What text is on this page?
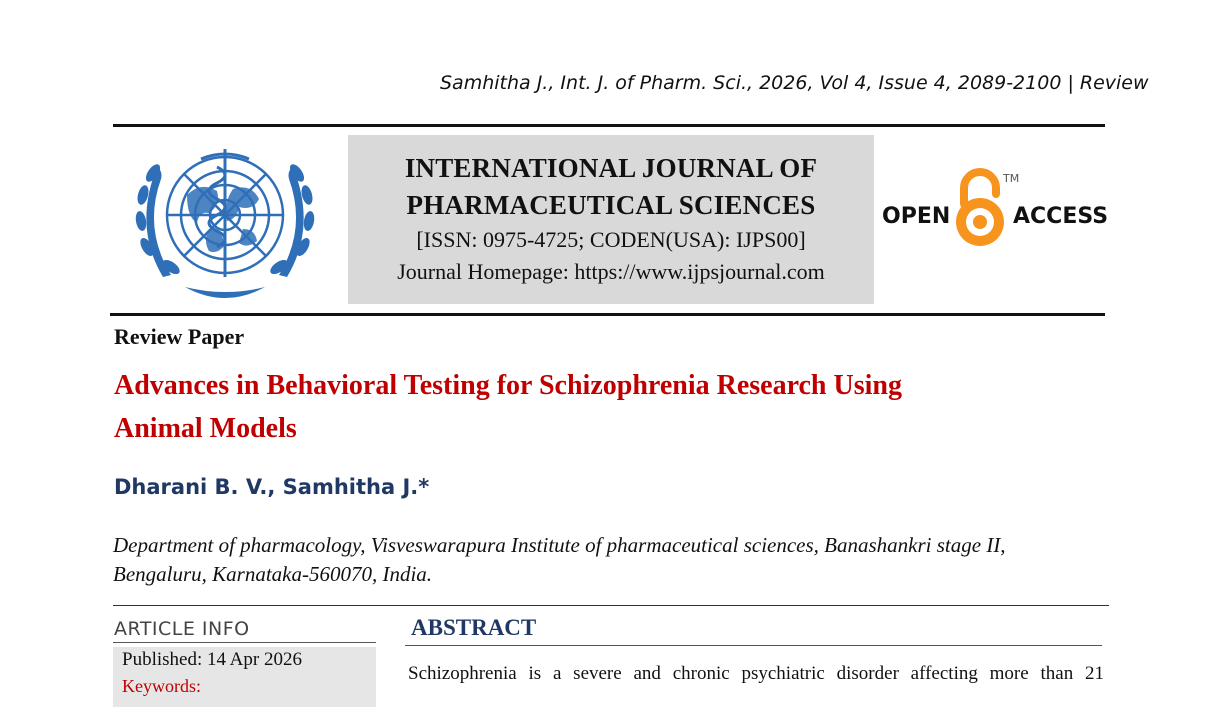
Samhitha J., Int. J. of Pharm. Sci., 2026, Vol 4, Issue 4, 2089-2100 | Review
INTERNATIONAL JOURNAL OF
PHARMACEUTICAL SCIENCES
[ISSN: 0975-4725; CODEN(USA): IJPS00]
Journal Homepage: https://www.ijpsjournal.com
OPEN	ACCESS
TM
Review Paper
Advances in Behavioral Testing for Schizophrenia Research Using
Animal Models
Dharani B. V., Samhitha J.*
Department of pharmacology, Visveswarapura Institute of pharmaceutical sciences, Banashankri stage II,
Bengaluru, Karnataka-560070, India.
ARTICLE INFO
Published: 14 Apr 2026
Keywords:
ABSTRACT
Schizophrenia is a severe and chronic psychiatric disorder affecting more than 21
